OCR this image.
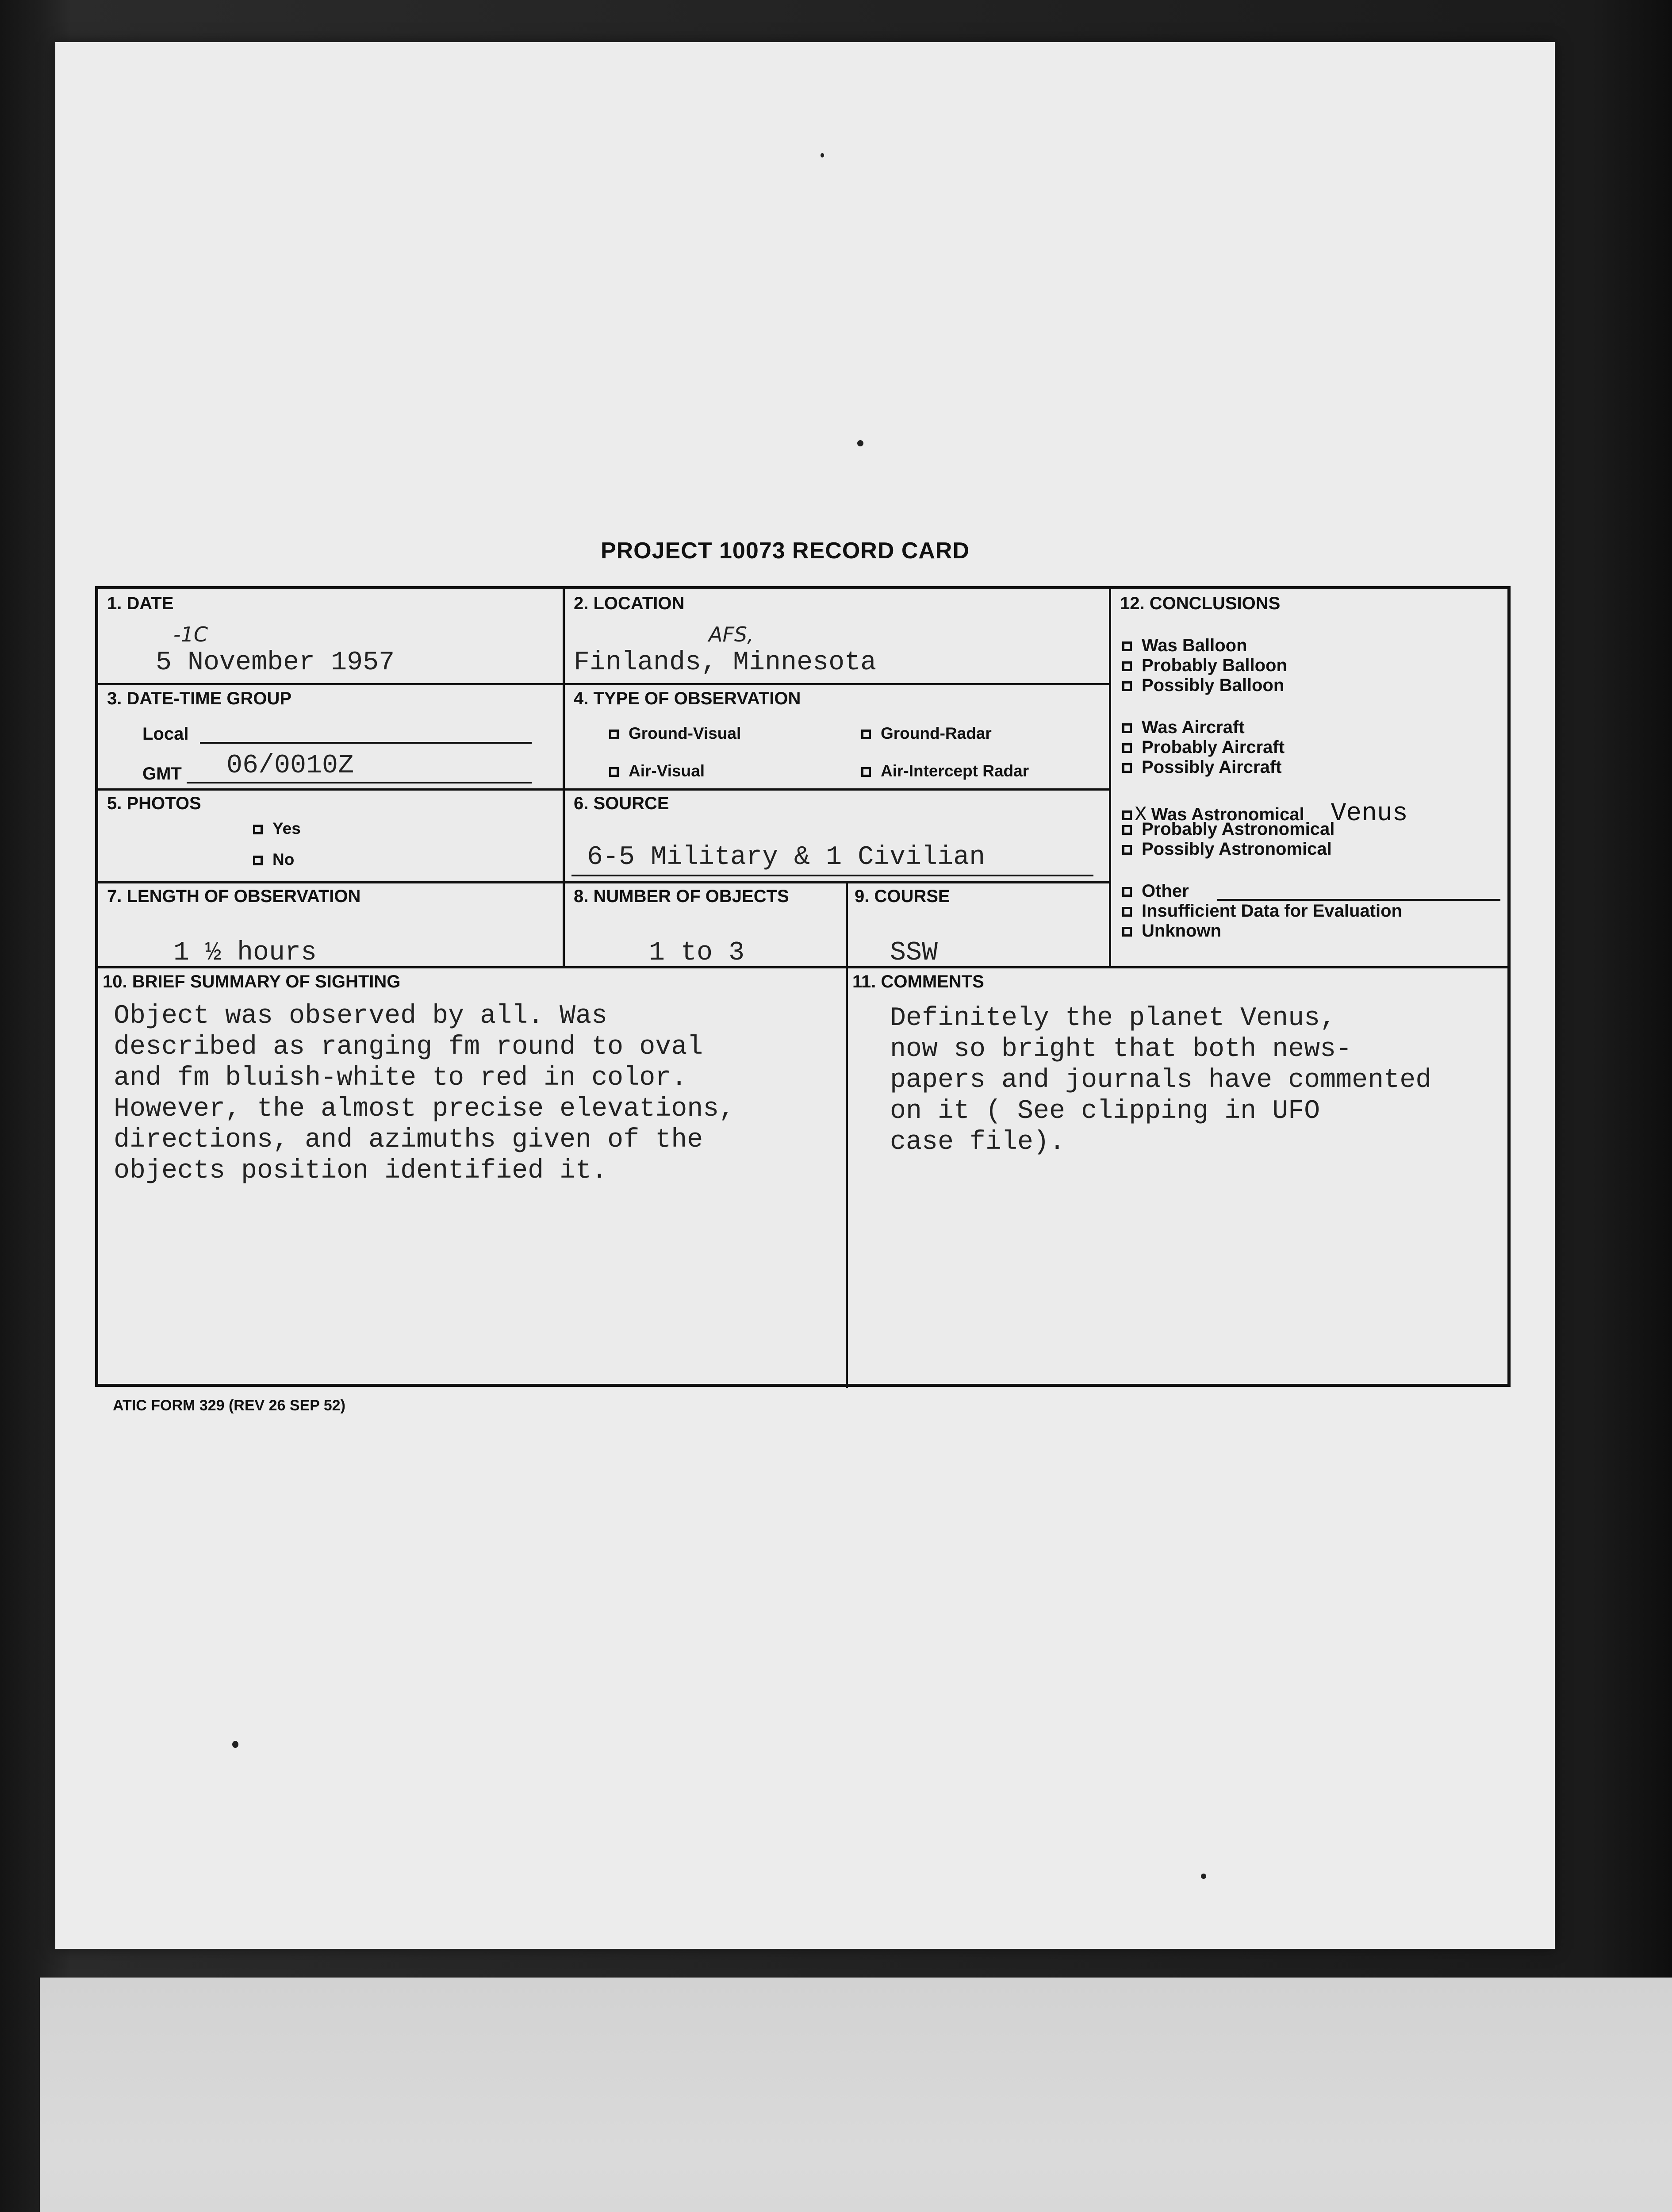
PROJECT 10073 RECORD CARD
1. DATE
-1C
5 November 1957
2. LOCATION
AFS,
Finlands, Minnesota
3. DATE-TIME GROUP
Local
GMT 06/0010Z
4. TYPE OF OBSERVATION
Ground-Visual	Ground-Radar
Air-Visual	Air-Intercept Radar
5. PHOTOS
Yes
No
6. SOURCE
6-5 Military & 1 Civilian
7. LENGTH OF OBSERVATION
1 ½ hours
8. NUMBER OF OBJECTS
1 to 3
9. COURSE
SSW
12. CONCLUSIONS
Was Balloon
Probably Balloon
Possibly Balloon
Was Aircraft
Probably Aircraft
Possibly Aircraft
X Was Astronomical Venus
Probably Astronomical
Possibly Astronomical
Other
Insufficient Data for Evaluation
Unknown
10. BRIEF SUMMARY OF SIGHTING
Object was observed by all. Was
described as ranging fm round to oval
and fm bluish-white to red in color.
However, the almost precise elevations,
directions, and azimuths given of the
objects position identified it.
11. COMMENTS
Definitely the planet Venus,
now so bright that both news-
papers and journals have commented
on it ( See clipping in UFO
case file).
ATIC FORM 329 (REV 26 SEP 52)
